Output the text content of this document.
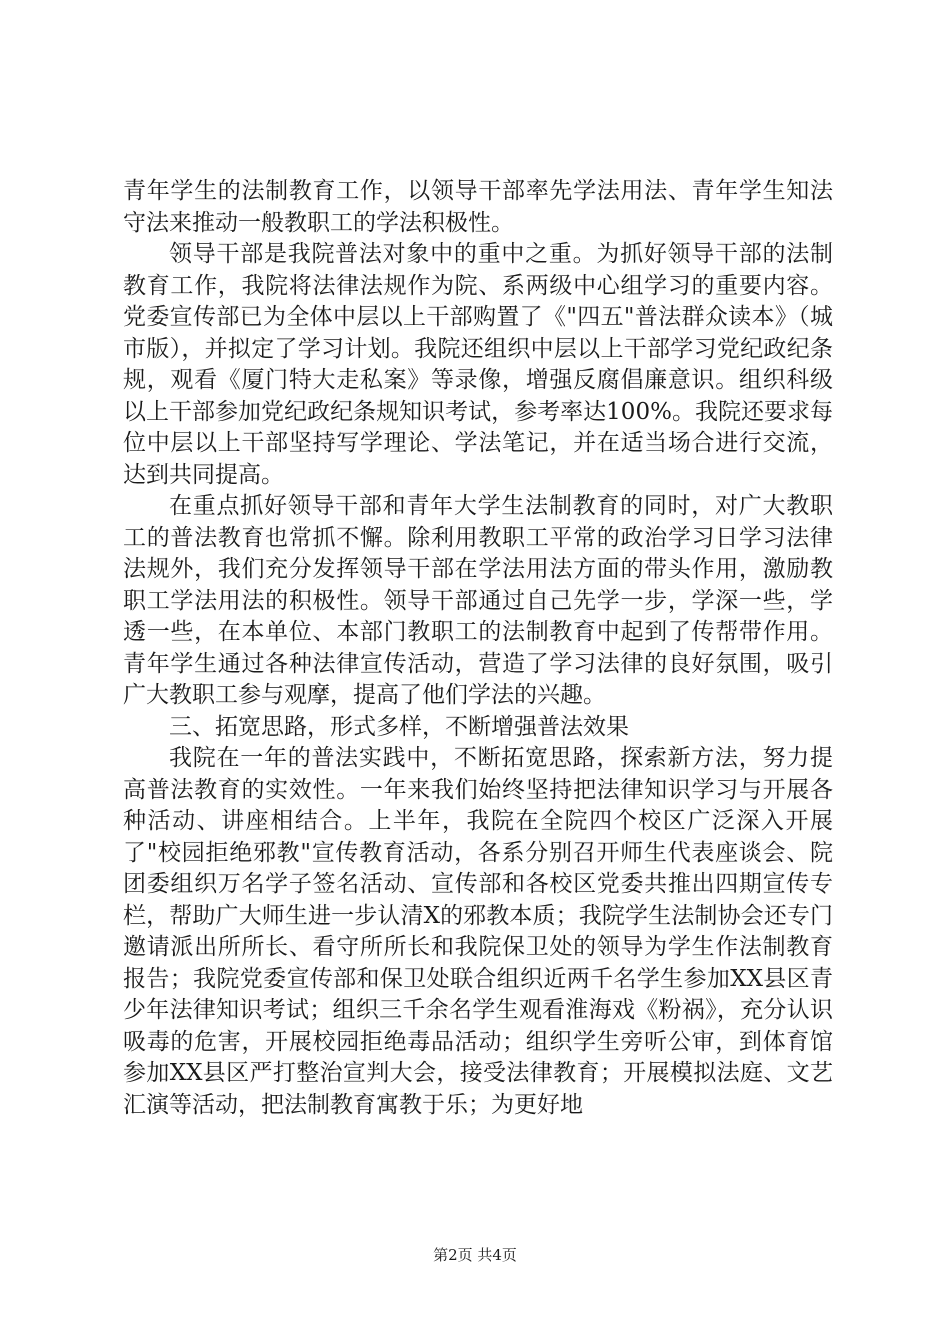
青年学生的法制教育工作，以领导干部率先学法用法、青年学生知法守法来推动一般教职工的学法积极性。

领导干部是我院普法对象中的重中之重。为抓好领导干部的法制教育工作，我院将法律法规作为院、系两级中心组学习的重要内容。党委宣传部已为全体中层以上干部购置了《"四五"普法群众读本》（城市版），并拟定了学习计划。我院还组织中层以上干部学习党纪政纪条规，观看《厦门特大走私案》等录像，增强反腐倡廉意识。组织科级以上干部参加党纪政纪条规知识考试，参考率达100%。我院还要求每位中层以上干部坚持写学理论、学法笔记，并在适当场合进行交流，达到共同提高。

在重点抓好领导干部和青年大学生法制教育的同时，对广大教职工的普法教育也常抓不懈。除利用教职工平常的政治学习日学习法律法规外，我们充分发挥领导干部在学法用法方面的带头作用，激励教职工学法用法的积极性。领导干部通过自己先学一步，学深一些，学透一些，在本单位、本部门教职工的法制教育中起到了传帮带作用。青年学生通过各种法律宣传活动，营造了学习法律的良好氛围，吸引广大教职工参与观摩，提高了他们学法的兴趣。

三、拓宽思路，形式多样，不断增强普法效果

我院在一年的普法实践中，不断拓宽思路，探索新方法，努力提高普法教育的实效性。一年来我们始终坚持把法律知识学习与开展各种活动、讲座相结合。上半年，我院在全院四个校区广泛深入开展了"校园拒绝邪教"宣传教育活动，各系分别召开师生代表座谈会、院团委组织万名学子签名活动、宣传部和各校区党委共推出四期宣传专栏，帮助广大师生进一步认清X的邪教本质；我院学生法制协会还专门邀请派出所所长、看守所所长和我院保卫处的领导为学生作法制教育报告；我院党委宣传部和保卫处联合组织近两千名学生参加XX县区青少年法律知识考试；组织三千余名学生观看淮海戏《粉祸》，充分认识吸毒的危害，开展校园拒绝毒品活动；组织学生旁听公审，到体育馆参加XX县区严打整治宣判大会，接受法律教育；开展模拟法庭、文艺汇演等活动，把法制教育寓教于乐；为更好地

第2页 共4页
